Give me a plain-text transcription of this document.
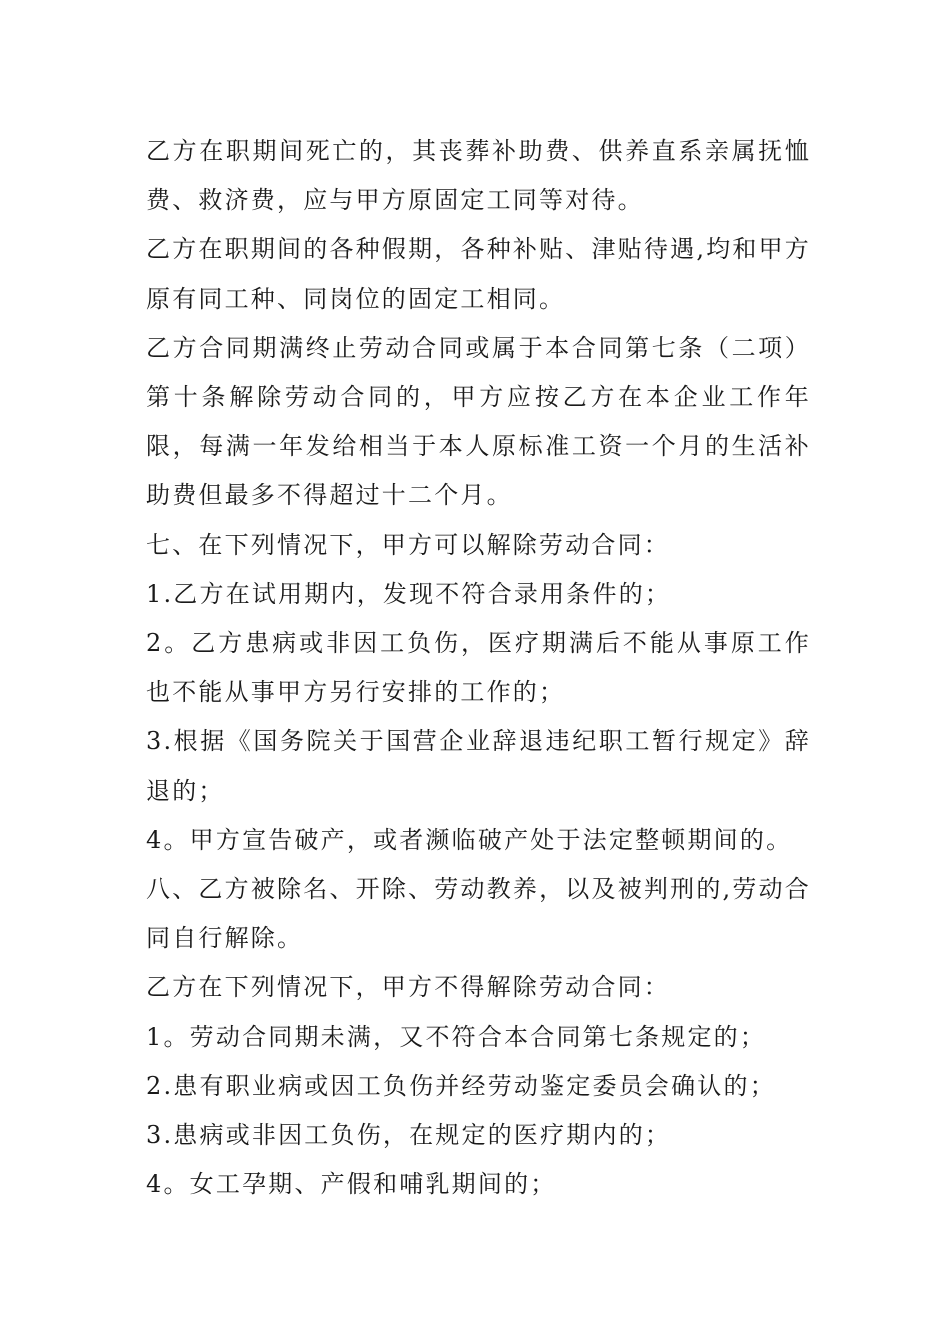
乙方在职期间死亡的，其丧葬补助费、供养直系亲属抚恤费、救济费，应与甲方原固定工同等对待。

乙方在职期间的各种假期，各种补贴、津贴待遇,均和甲方原有同工种、同岗位的固定工相同。

乙方合同期满终止劳动合同或属于本合同第七条（二项）第十条解除劳动合同的，甲方应按乙方在本企业工作年限，每满一年发给相当于本人原标准工资一个月的生活补助费但最多不得超过十二个月。

七、在下列情况下，甲方可以解除劳动合同：

1.乙方在试用期内，发现不符合录用条件的；

2。乙方患病或非因工负伤，医疗期满后不能从事原工作也不能从事甲方另行安排的工作的；

3.根据《国务院关于国营企业辞退违纪职工暂行规定》辞退的；

4。甲方宣告破产，或者濒临破产处于法定整顿期间的。

八、乙方被除名、开除、劳动教养，以及被判刑的,劳动合同自行解除。

乙方在下列情况下，甲方不得解除劳动合同：

1。劳动合同期未满，又不符合本合同第七条规定的；

2.患有职业病或因工负伤并经劳动鉴定委员会确认的；

3.患病或非因工负伤，在规定的医疗期内的；

4。女工孕期、产假和哺乳期间的；
